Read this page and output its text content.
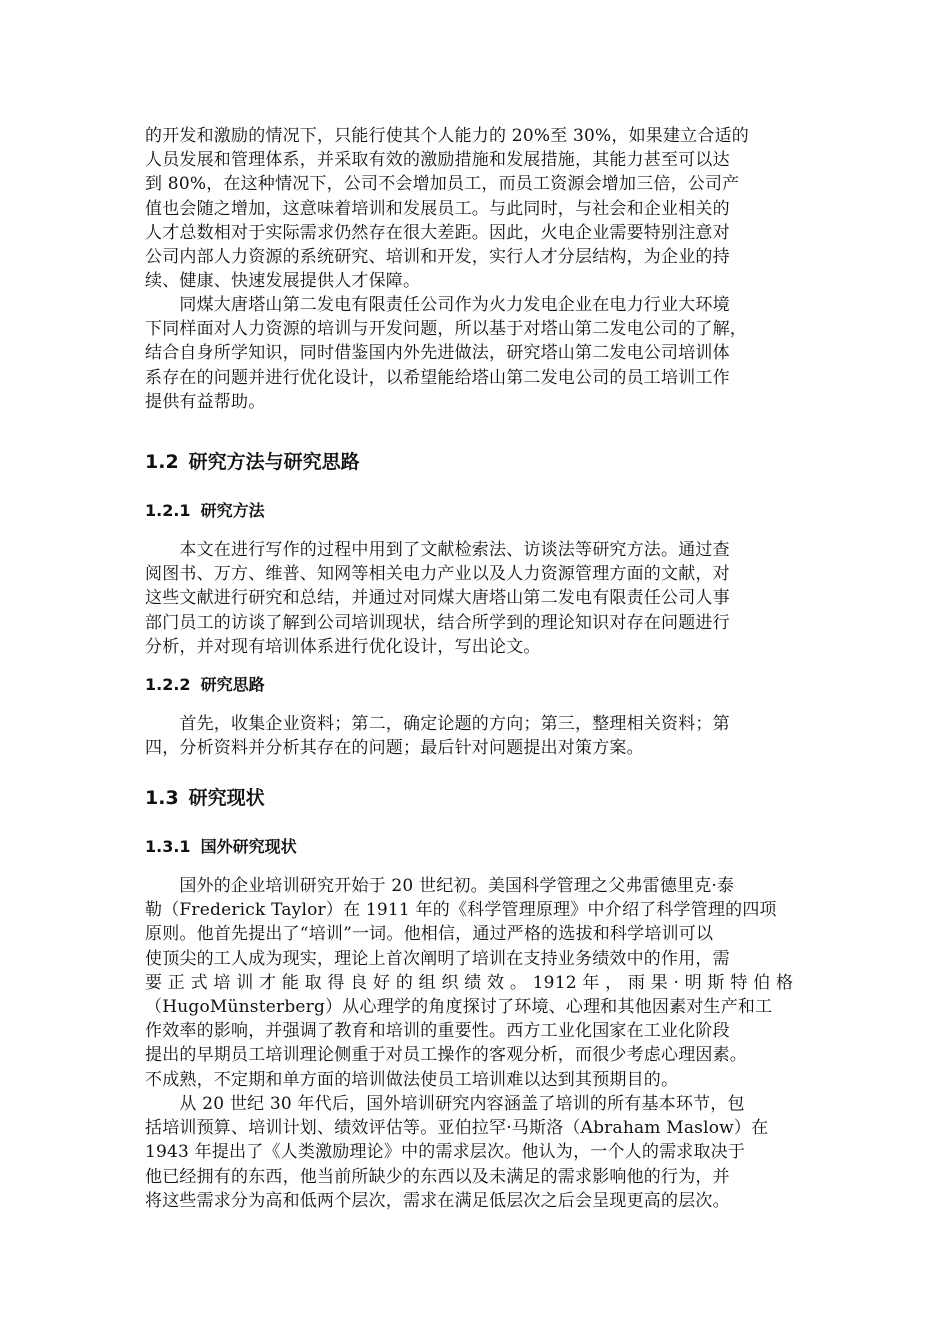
的开发和激励的情况下，只能行使其个人能力的 20%至 30%，如果建立合适的
人员发展和管理体系，并采取有效的激励措施和发展措施，其能力甚至可以达
到 80%，在这种情况下，公司不会增加员工，而员工资源会增加三倍，公司产
值也会随之增加，这意味着培训和发展员工。与此同时，与社会和企业相关的
人才总数相对于实际需求仍然存在很大差距。因此，火电企业需要特别注意对
公司内部人力资源的系统研究、培训和开发，实行人才分层结构，为企业的持
续、健康、快速发展提供人才保障。
　　同煤大唐塔山第二发电有限责任公司作为火力发电企业在电力行业大环境
下同样面对人力资源的培训与开发问题，所以基于对塔山第二发电公司的了解，
结合自身所学知识，同时借鉴国内外先进做法，研究塔山第二发电公司培训体
系存在的问题并进行优化设计，以希望能给塔山第二发电公司的员工培训工作
提供有益帮助。
1.2 研究方法与研究思路
1.2.1 研究方法
　　本文在进行写作的过程中用到了文献检索法、访谈法等研究方法。通过查
阅图书、万方、维普、知网等相关电力产业以及人力资源管理方面的文献，对
这些文献进行研究和总结，并通过对同煤大唐塔山第二发电有限责任公司人事
部门员工的访谈了解到公司培训现状，结合所学到的理论知识对存在问题进行
分析，并对现有培训体系进行优化设计，写出论文。
1.2.2 研究思路
　　首先，收集企业资料；第二，确定论题的方向；第三，整理相关资料；第
四，分析资料并分析其存在的问题；最后针对问题提出对策方案。
1.3 研究现状
1.3.1 国外研究现状
　　国外的企业培训研究开始于 20 世纪初。美国科学管理之父弗雷德里克·泰
勒（Frederick Taylor）在 1911 年的《科学管理原理》中介绍了科学管理的四项
原则。他首先提出了“培训”一词。他相信，通过严格的选拔和科学培训可以
使顶尖的工人成为现实，理论上首次阐明了培训在支持业务绩效中的作用，需
要 正 式 培 训 才 能 取 得 良 好 的 组 织 绩 效 。 1912 年 ， 雨 果 · 明 斯 特 伯 格
（HugoMünsterberg）从心理学的角度探讨了环境、心理和其他因素对生产和工
作效率的影响，并强调了教育和培训的重要性。西方工业化国家在工业化阶段
提出的早期员工培训理论侧重于对员工操作的客观分析，而很少考虑心理因素。
不成熟，不定期和单方面的培训做法使员工培训难以达到其预期目的。
　　从 20 世纪 30 年代后，国外培训研究内容涵盖了培训的所有基本环节，包
括培训预算、培训计划、绩效评估等。亚伯拉罕·马斯洛（Abraham Maslow）在
1943 年提出了《人类激励理论》中的需求层次。他认为，一个人的需求取决于
他已经拥有的东西，他当前所缺少的东西以及未满足的需求影响他的行为，并
将这些需求分为高和低两个层次，需求在满足低层次之后会呈现更高的层次。
